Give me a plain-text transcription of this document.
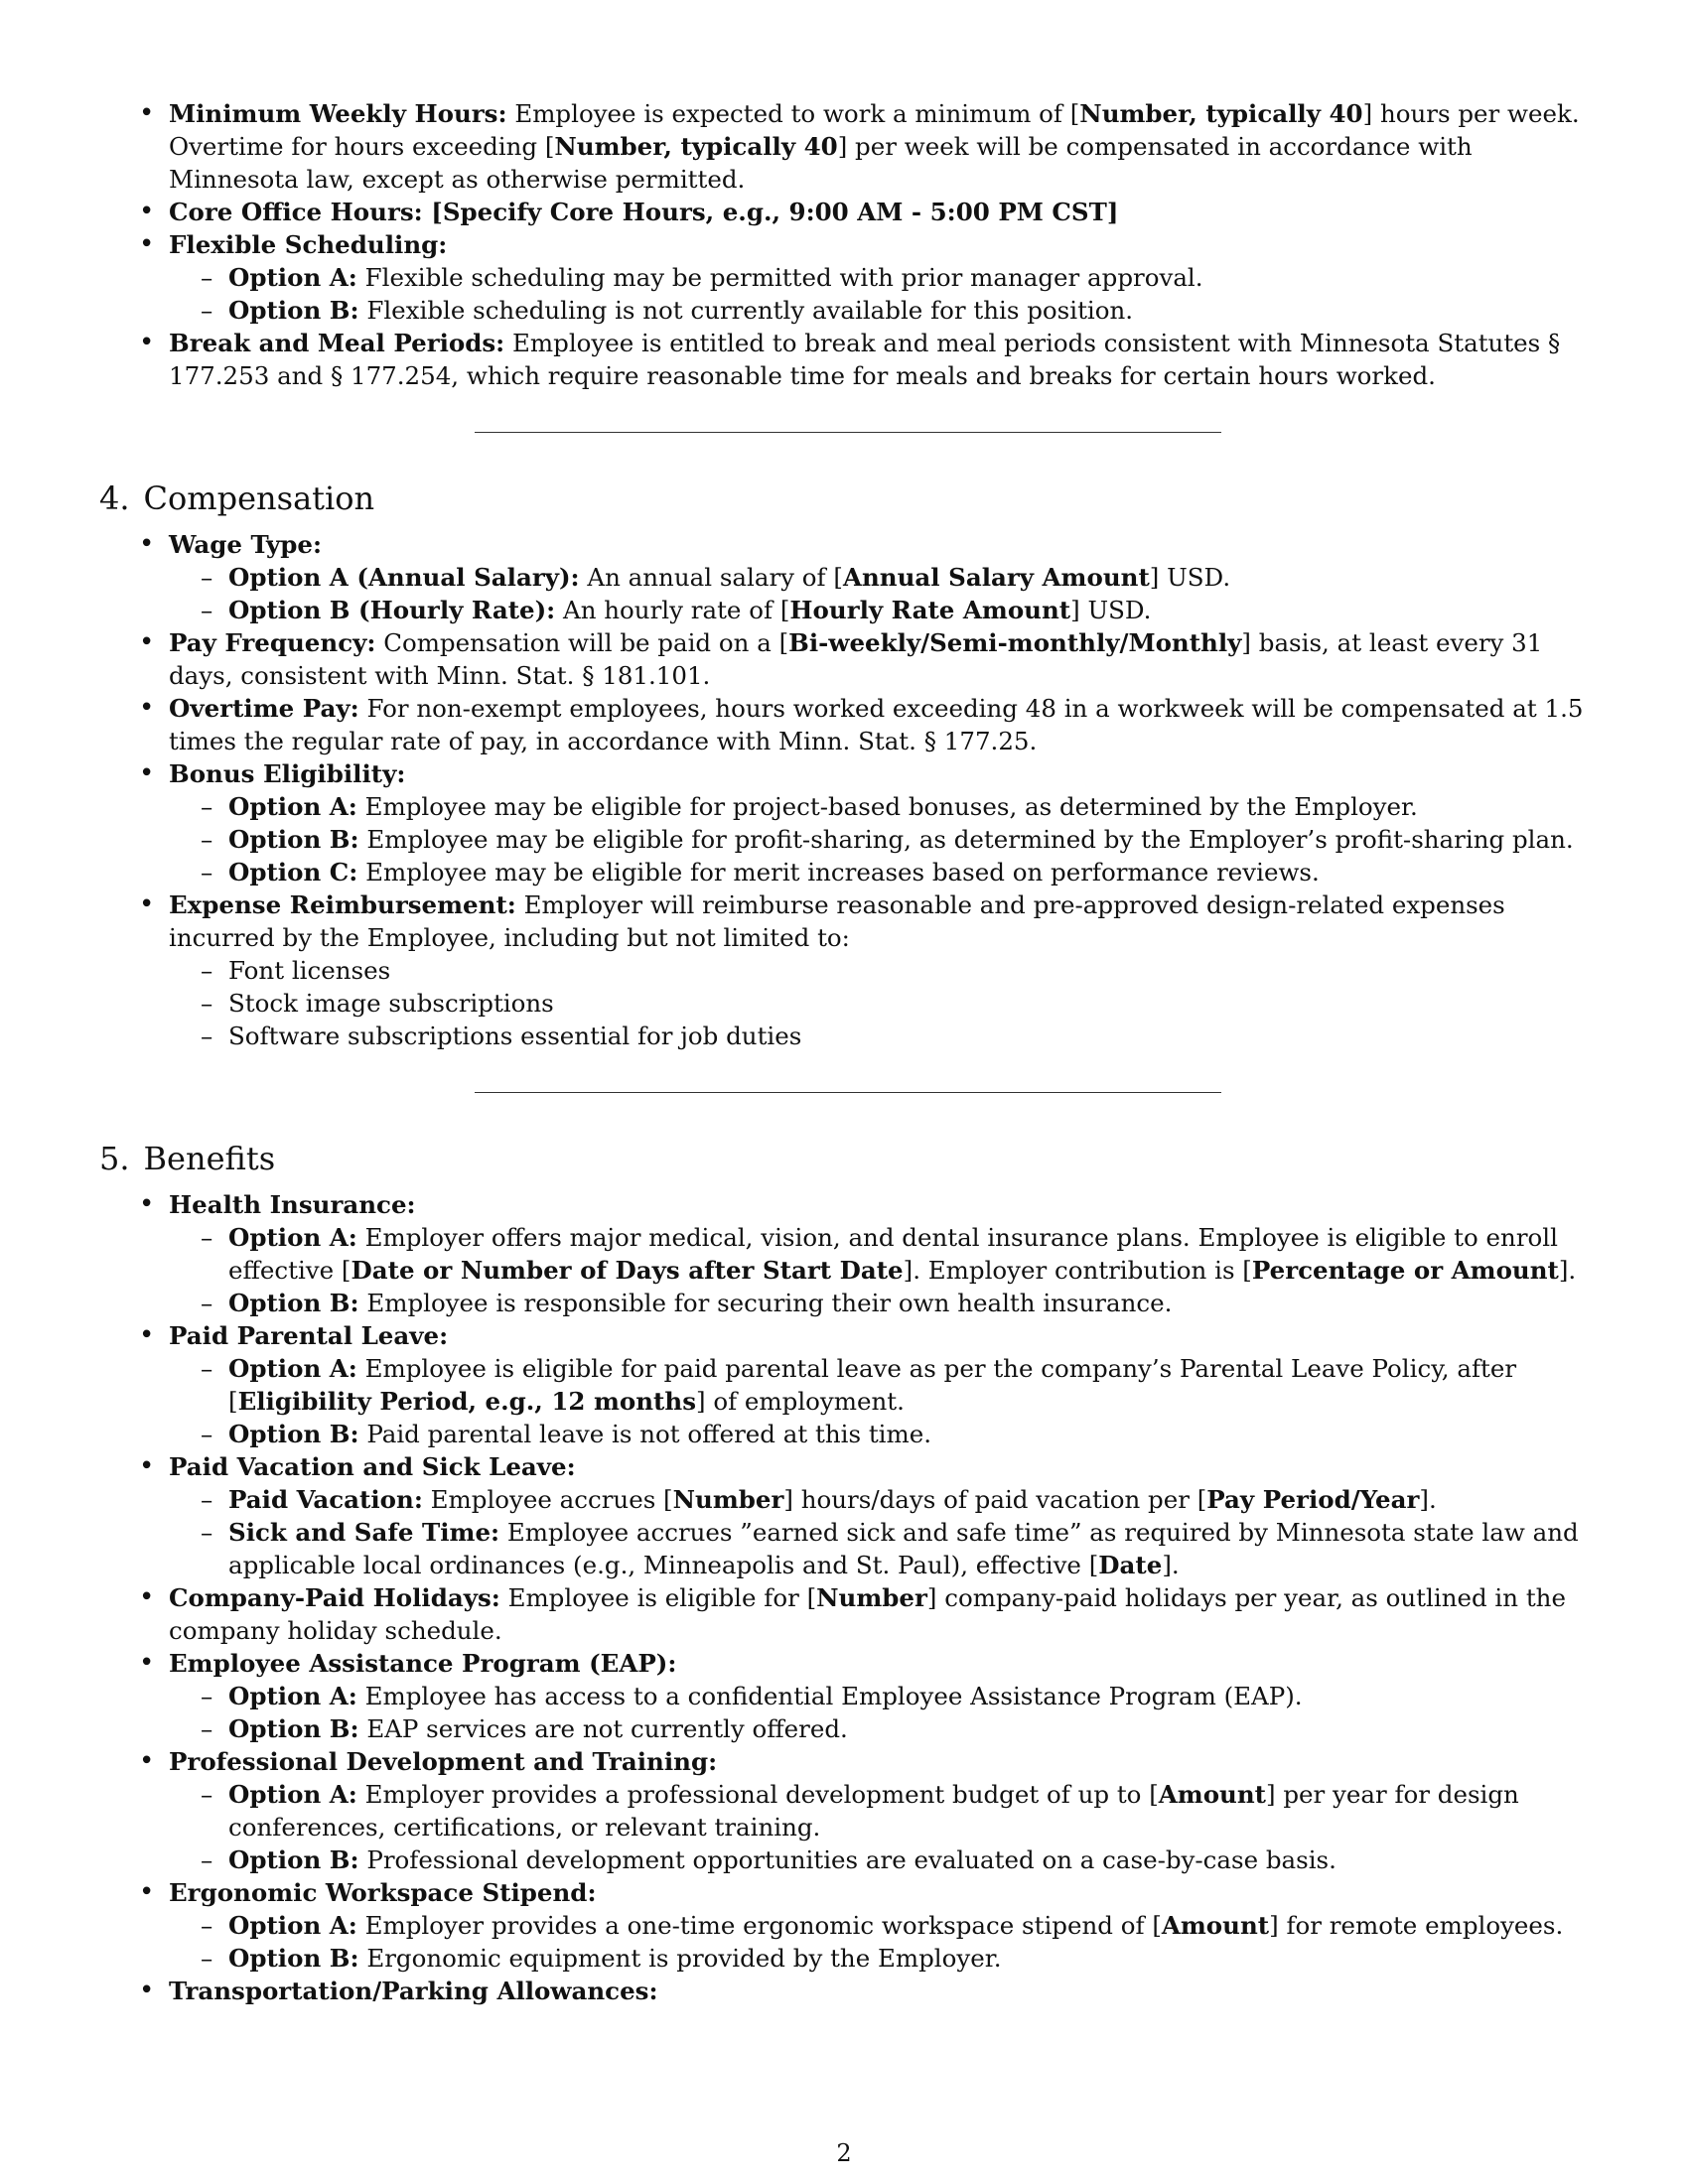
• Minimum Weekly Hours: Employee is expected to work a minimum of [Number, typically 40] hours per week. Overtime for hours exceeding [Number, typically 40] per week will be compensated in accordance with Minnesota law, except as otherwise permitted.
• Core Office Hours: [Specify Core Hours, e.g., 9:00 AM - 5:00 PM CST]
• Flexible Scheduling:
– Option A: Flexible scheduling may be permitted with prior manager approval.
– Option B: Flexible scheduling is not currently available for this position.
• Break and Meal Periods: Employee is entitled to break and meal periods consistent with Minnesota Statutes § 177.253 and § 177.254, which require reasonable time for meals and breaks for certain hours worked.
4. Compensation
• Wage Type:
– Option A (Annual Salary): An annual salary of [Annual Salary Amount] USD.
– Option B (Hourly Rate): An hourly rate of [Hourly Rate Amount] USD.
• Pay Frequency: Compensation will be paid on a [Bi-weekly/Semi-monthly/Monthly] basis, at least every 31 days, consistent with Minn. Stat. § 181.101.
• Overtime Pay: For non-exempt employees, hours worked exceeding 48 in a workweek will be compensated at 1.5 times the regular rate of pay, in accordance with Minn. Stat. § 177.25.
• Bonus Eligibility:
– Option A: Employee may be eligible for project-based bonuses, as determined by the Employer.
– Option B: Employee may be eligible for profit-sharing, as determined by the Employer’s profit-sharing plan.
– Option C: Employee may be eligible for merit increases based on performance reviews.
• Expense Reimbursement: Employer will reimburse reasonable and pre-approved design-related expenses incurred by the Employee, including but not limited to:
– Font licenses
– Stock image subscriptions
– Software subscriptions essential for job duties
5. Benefits
• Health Insurance:
– Option A: Employer offers major medical, vision, and dental insurance plans. Employee is eligible to enroll effective [Date or Number of Days after Start Date]. Employer contribution is [Percentage or Amount].
– Option B: Employee is responsible for securing their own health insurance.
• Paid Parental Leave:
– Option A: Employee is eligible for paid parental leave as per the company’s Parental Leave Policy, after [Eligibility Period, e.g., 12 months] of employment.
– Option B: Paid parental leave is not offered at this time.
• Paid Vacation and Sick Leave:
– Paid Vacation: Employee accrues [Number] hours/days of paid vacation per [Pay Period/Year].
– Sick and Safe Time: Employee accrues ”earned sick and safe time” as required by Minnesota state law and applicable local ordinances (e.g., Minneapolis and St. Paul), effective [Date].
• Company-Paid Holidays: Employee is eligible for [Number] company-paid holidays per year, as outlined in the company holiday schedule.
• Employee Assistance Program (EAP):
– Option A: Employee has access to a confidential Employee Assistance Program (EAP).
– Option B: EAP services are not currently offered.
• Professional Development and Training:
– Option A: Employer provides a professional development budget of up to [Amount] per year for design conferences, certifications, or relevant training.
– Option B: Professional development opportunities are evaluated on a case-by-case basis.
• Ergonomic Workspace Stipend:
– Option A: Employer provides a one-time ergonomic workspace stipend of [Amount] for remote employees.
– Option B: Ergonomic equipment is provided by the Employer.
• Transportation/Parking Allowances:
2
